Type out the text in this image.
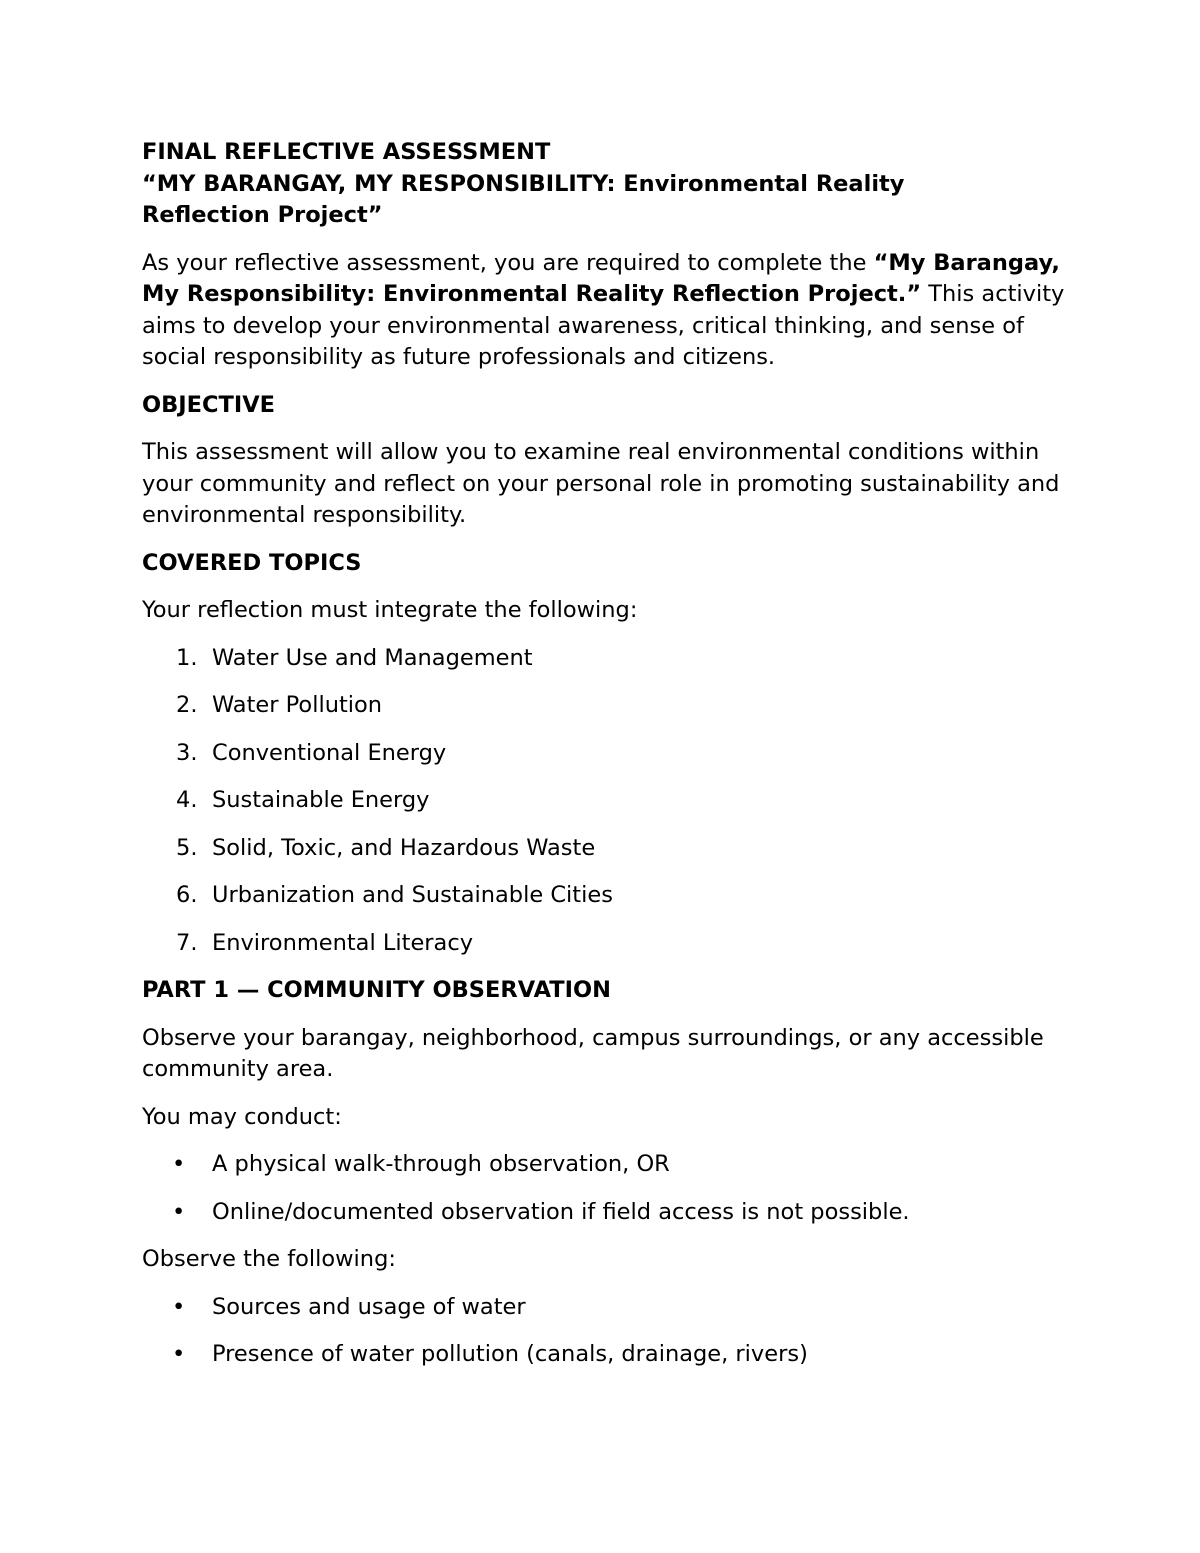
FINAL REFLECTIVE ASSESSMENT
“MY BARANGAY, MY RESPONSIBILITY: Environmental Reality
Reflection Project”

As your reflective assessment, you are required to complete the “My Barangay, My Responsibility: Environmental Reality Reflection Project.” This activity aims to develop your environmental awareness, critical thinking, and sense of social responsibility as future professionals and citizens.

OBJECTIVE

This assessment will allow you to examine real environmental conditions within your community and reflect on your personal role in promoting sustainability and environmental responsibility.

COVERED TOPICS

Your reflection must integrate the following:

1. Water Use and Management
2. Water Pollution
3. Conventional Energy
4. Sustainable Energy
5. Solid, Toxic, and Hazardous Waste
6. Urbanization and Sustainable Cities
7. Environmental Literacy
PART 1 — COMMUNITY OBSERVATION

Observe your barangay, neighborhood, campus surroundings, or any accessible community area.

You may conduct:

• A physical walk-through observation, OR
• Online/documented observation if field access is not possible.

Observe the following:

• Sources and usage of water
• Presence of water pollution (canals, drainage, rivers)
